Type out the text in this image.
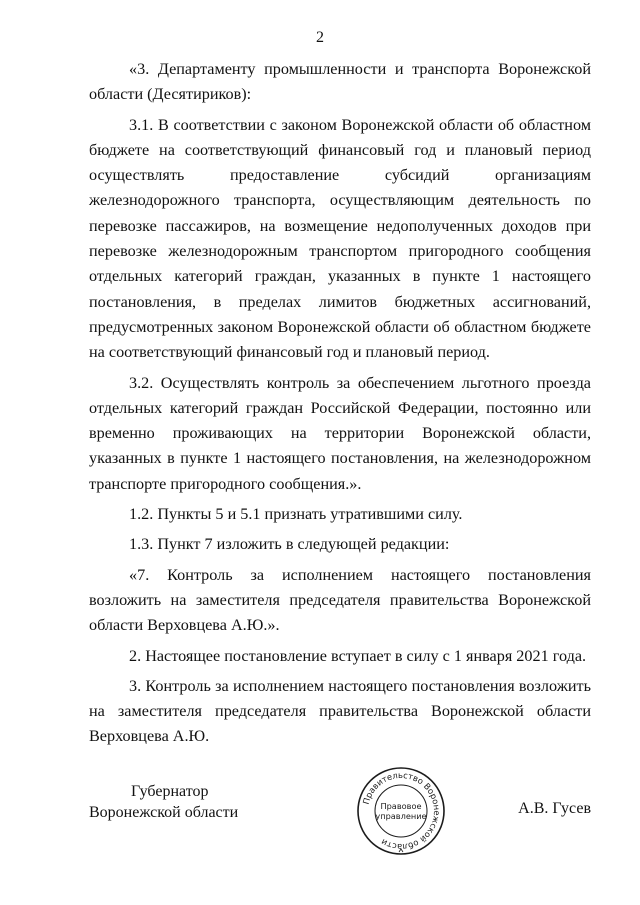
2

«3. Департаменту промышленности и транспорта Воронежской области (Десятириков):

3.1. В соответствии с законом Воронежской области об областном бюджете на соответствующий финансовый год и плановый период осуществлять предоставление субсидий организациям железнодорожного транспорта, осуществляющим деятельность по перевозке пассажиров, на возмещение недополученных доходов при перевозке железнодорожным транспортом пригородного сообщения отдельных категорий граждан, указанных в пункте 1 настоящего постановления, в пределах лимитов бюджетных ассигнований, предусмотренных законом Воронежской области об областном бюджете на соответствующий финансовый год и плановый период.

3.2. Осуществлять контроль за обеспечением льготного проезда отдельных категорий граждан Российской Федерации, постоянно или временно проживающих на территории Воронежской области, указанных в пункте 1 настоящего постановления, на железнодорожном транспорте пригородного сообщения.».

1.2. Пункты 5 и 5.1 признать утратившими силу.

1.3. Пункт 7 изложить в следующей редакции:

«7. Контроль за исполнением настоящего постановления возложить на заместителя председателя правительства Воронежской области Верховцева А.Ю.».

2. Настоящее постановление вступает в силу с 1 января 2021 года.

3. Контроль за исполнением настоящего постановления возложить на заместителя председателя правительства Воронежской области Верховцева А.Ю.

Губернатор
Воронежской области
Правительство Воронежской области
Правовое
управление	А.В. Гусев
